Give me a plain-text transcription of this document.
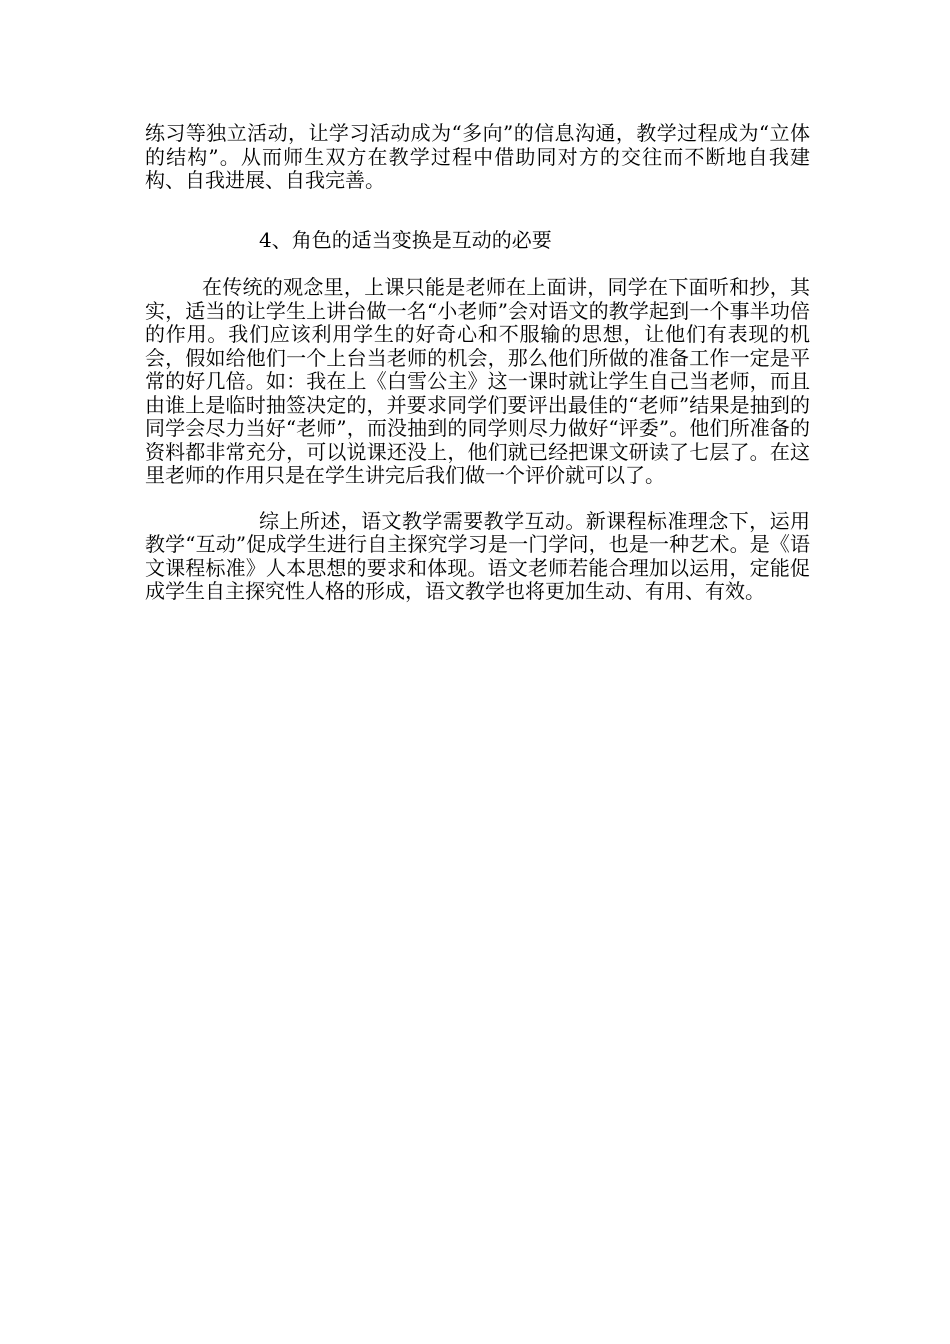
练习等独立活动，让学习活动成为“多向”的信息沟通，教学过程成为“立体的结构”。从而师生双方在教学过程中借助同对方的交往而不断地自我建构、自我进展、自我完善。

4、角色的适当变换是互动的必要

在传统的观念里，上课只能是老师在上面讲，同学在下面听和抄，其实，适当的让学生上讲台做一名“小老师”会对语文的教学起到一个事半功倍的作用。我们应该利用学生的好奇心和不服输的思想，让他们有表现的机会，假如给他们一个上台当老师的机会，那么他们所做的准备工作一定是平常的好几倍。如：我在上《白雪公主》这一课时就让学生自己当老师，而且由谁上是临时抽签决定的，并要求同学们要评出最佳的“老师”结果是抽到的同学会尽力当好“老师”，而没抽到的同学则尽力做好“评委”。他们所准备的资料都非常充分，可以说课还没上，他们就已经把课文研读了七层了。在这里老师的作用只是在学生讲完后我们做一个评价就可以了。

综上所述，语文教学需要教学互动。新课程标准理念下，运用教学“互动”促成学生进行自主探究学习是一门学问，也是一种艺术。是《语文课程标准》人本思想的要求和体现。语文老师若能合理加以运用，定能促成学生自主探究性人格的形成，语文教学也将更加生动、有用、有效。
